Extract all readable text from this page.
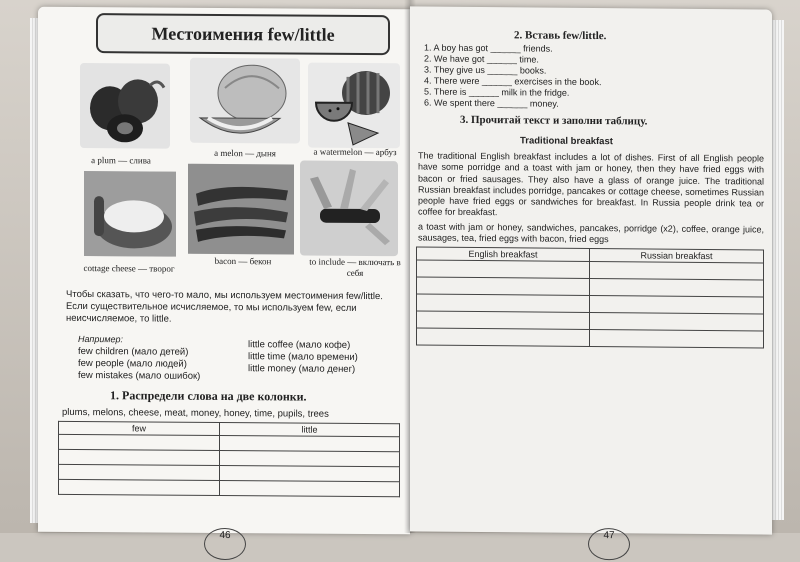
Местоимения few/little
a plum — слива
a melon — дыня	a watermelon — арбуз
cottage cheese — творог
bacon — бекон	to include — включать в себя
Чтобы сказать, что чего-то мало, мы используем местоимения few/little. Если существительное исчисляемое, то мы используем few, если неисчисляемое, то little.
Например:
few children (мало детей)
few people (мало людей)
few mistakes (мало ошибок)
little coffee (мало кофе)
little time (мало времени)
little money (мало денег)
1. Распредели слова на две колонки.
plums, melons, cheese, meat, money, honey, time, pupils, trees
few	little

46
2. Вставь few/little.
1. A boy has got ______ friends.
2. We have got ______ time.
3. They give us ______ books.
4. There were ______ exercises in the book.
5. There is ______ milk in the fridge.
6. We spent there ______ money.
3. Прочитай текст и заполни таблицу.
Traditional breakfast
The traditional English breakfast includes a lot of dishes. First of all English people have some porridge and a toast with jam or honey, then they have fried eggs with bacon or fried sausages. They also have a glass of orange juice. The traditional Russian breakfast includes porridge, pancakes or cottage cheese, sometimes Russian people have fried eggs or sandwiches for breakfast. In Russia people drink tea or coffee for breakfast.
a toast with jam or honey, sandwiches, pancakes, porridge (x2), coffee, orange juice, sausages, tea, fried eggs with bacon, fried eggs
English breakfast	Russian breakfast

47
